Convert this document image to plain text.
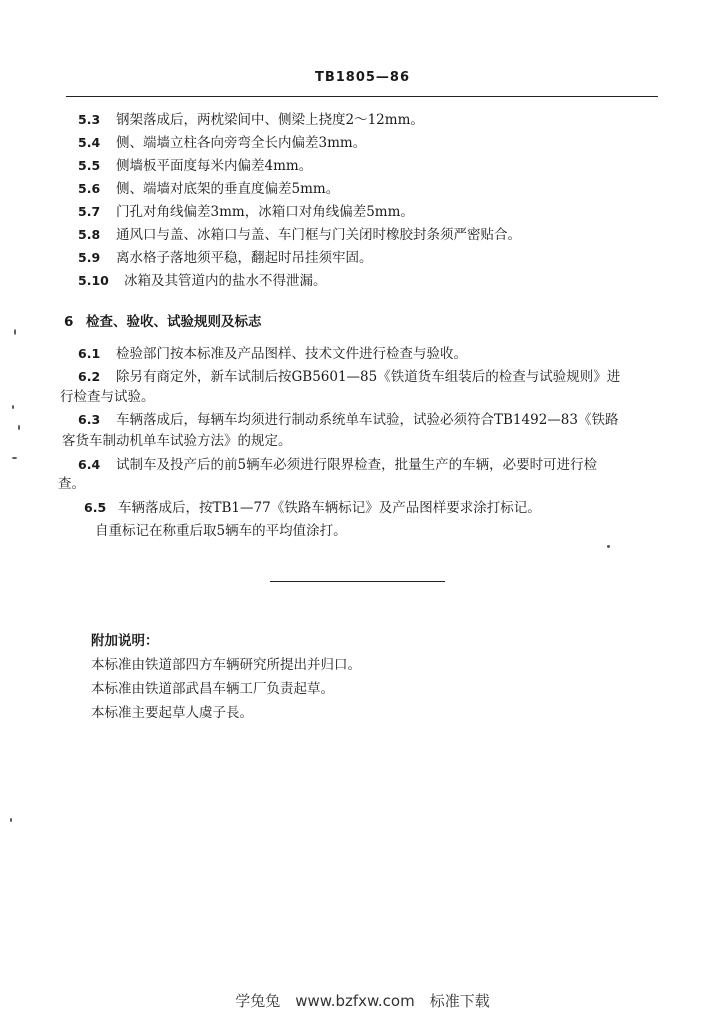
TB1805—86
5.3 钢架落成后，两枕梁间中、侧梁上挠度2～12mm。
5.4 侧、端墙立柱各向旁弯全长内偏差3mm。
5.5 侧墙板平面度每米内偏差4mm。
5.6 侧、端墙对底架的垂直度偏差5mm。
5.7 门孔对角线偏差3mm，冰箱口对角线偏差5mm。
5.8 通风口与盖、冰箱口与盖、车门框与门关闭时橡胶封条须严密贴合。
5.9 离水格子落地须平稳，翻起时吊挂须牢固。
5.10 冰箱及其管道内的盐水不得泄漏。
6 检查、验收、试验规则及标志
6.1 检验部门按本标准及产品图样、技术文件进行检查与验收。
6.2 除另有商定外，新车试制后按GB5601—85《铁道货车组装后的检查与试验规则》进
行检查与试验。
6.3 车辆落成后，每辆车均须进行制动系统单车试验，试验必须符合TB1492—83《铁路
客货车制动机单车试验方法》的规定。
6.4 试制车及投产后的前5辆车必须进行限界检查，批量生产的车辆，必要时可进行检
查。
6.5 车辆落成后，按TB1—77《铁路车辆标记》及产品图样要求涂打标记。
自重标记在称重后取5辆车的平均值涂打。
附加说明：
本标准由铁道部四方车辆研究所提出并归口。
本标准由铁道部武昌车辆工厂负责起草。
本标准主要起草人虞子長。
学兔兔　www.bzfxw.com　标准下载
